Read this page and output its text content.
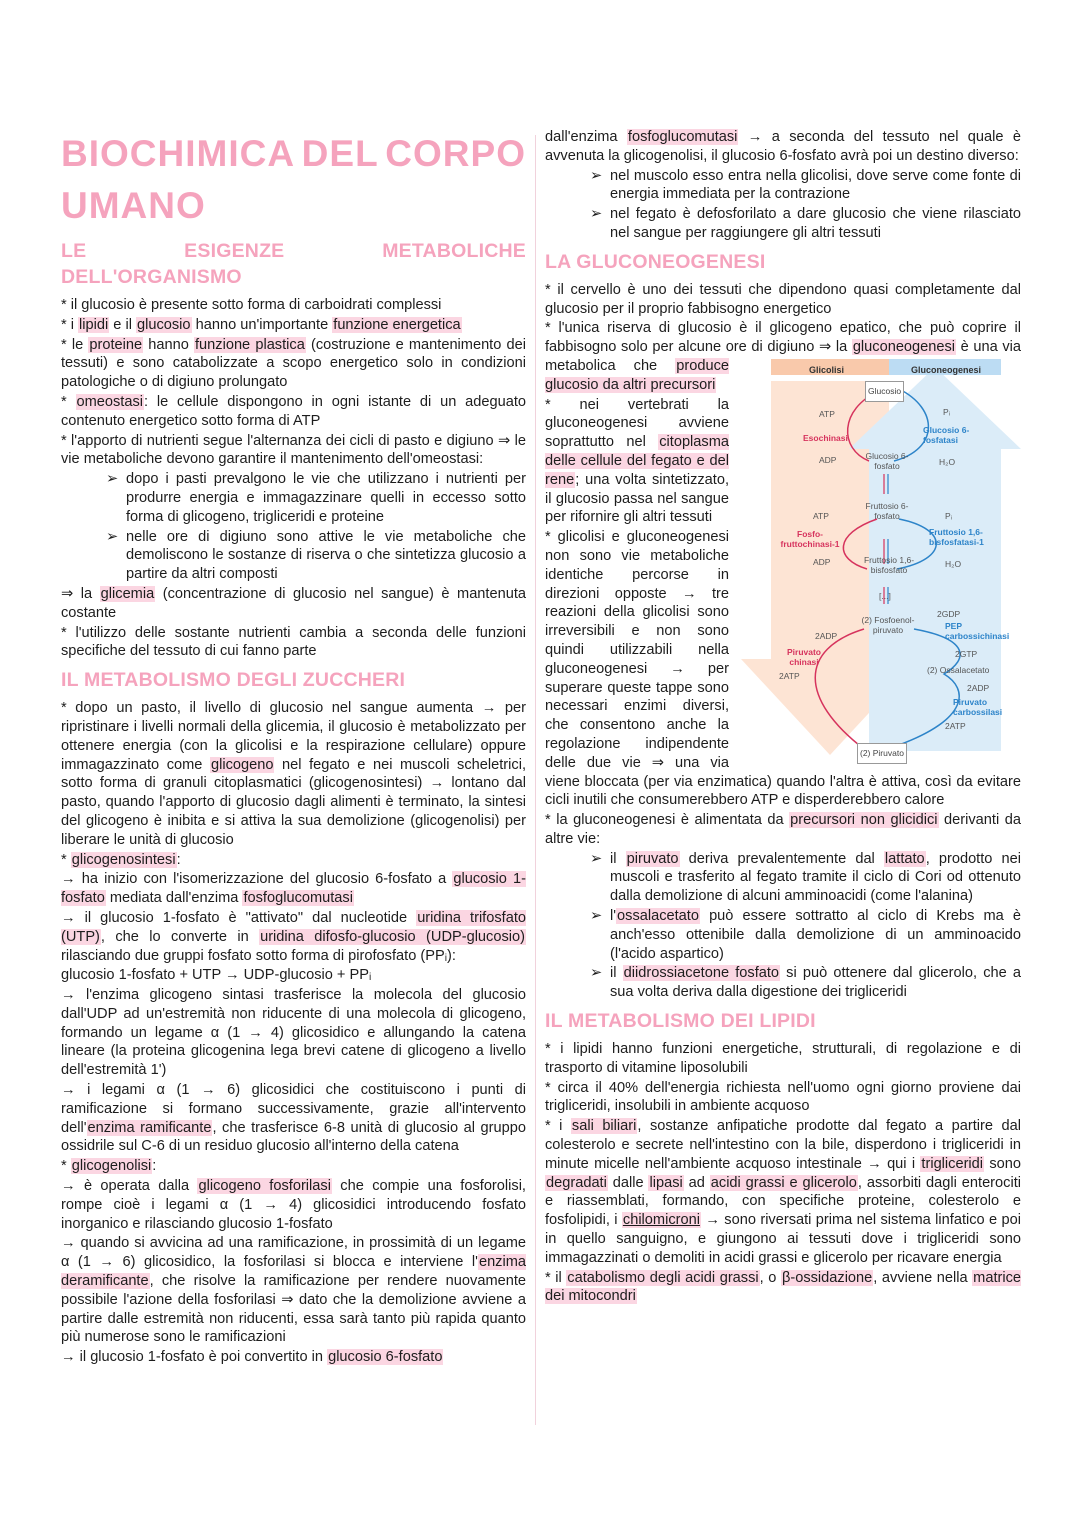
BIOCHIMICA DEL CORPO
UMANO
LE ESIGENZE METABOLICHE DELL'ORGANISMO

* il glucosio è presente sotto forma di carboidrati complessi

* i lipidi e il glucosio hanno un'importante funzione energetica

* le proteine hanno funzione plastica (costruzione e mantenimento dei tessuti) e sono catabolizzate a scopo energetico solo in condizioni patologiche o di digiuno prolungato

* omeostasi: le cellule dispongono in ogni istante di un adeguato contenuto energetico sotto forma di ATP

* l'apporto di nutrienti segue l'alternanza dei cicli di pasto e digiuno ⇒ le vie metaboliche devono garantire il mantenimento dell'omeostasi:

➢ dopo i pasti prevalgono le vie che utilizzano i nutrienti per produrre energia e immagazzinare quelli in eccesso sotto forma di glicogeno, trigliceridi e proteine

➢ nelle ore di digiuno sono attive le vie metaboliche che demoliscono le sostanze di riserva o che sintetizza glucosio a partire da altri composti

⇒ la glicemia (concentrazione di glucosio nel sangue) è mantenuta costante

* l'utilizzo delle sostante nutrienti cambia a seconda delle funzioni specifiche del tessuto di cui fanno parte

IL METABOLISMO DEGLI ZUCCHERI

* dopo un pasto, il livello di glucosio nel sangue aumenta → per ripristinare i livelli normali della glicemia, il glucosio è metabolizzato per ottenere energia (con la glicolisi e la respirazione cellulare) oppure immagazzinato come glicogeno nel fegato e nei muscoli scheletrici, sotto forma di granuli citoplasmatici (glicogenosintesi) → lontano dal pasto, quando l'apporto di glucosio dagli alimenti è terminato, la sintesi del glicogeno è inibita e si attiva la sua demolizione (glicogenolisi) per liberare le unità di glucosio

* glicogenosintesi:

→ ha inizio con l'isomerizzazione del glucosio 6-fosfato a glucosio 1-fosfato mediata dall'enzima fosfoglucomutasi

→ il glucosio 1-fosfato è "attivato" dal nucleotide uridina trifosfato (UTP), che lo converte in uridina difosfo-glucosio (UDP-glucosio) rilasciando due gruppi fosfato sotto forma di pirofosfato (PPᵢ):

glucosio 1-fosfato + UTP → UDP-glucosio + PPᵢ

→ l'enzima glicogeno sintasi trasferisce la molecola del glucosio dall'UDP ad un'estremità non riducente di una molecola di glicogeno, formando un legame α (1 → 4) glicosidico e allungando la catena lineare (la proteina glicogenina lega brevi catene di glicogeno a livello dell'estremità 1')

→ i legami α (1 → 6) glicosidici che costituiscono i punti di ramificazione si formano successivamente, grazie all'intervento dell'enzima ramificante, che trasferisce 6-8 unità di glucosio al gruppo ossidrile sul C-6 di un residuo glucosio all'interno della catena

* glicogenolisi:

→ è operata dalla glicogeno fosforilasi che compie una fosforolisi, rompe cioè i legami α (1 → 4) glicosidici introducendo fosfato inorganico e rilasciando glucosio 1-fosfato

→ quando si avvicina ad una ramificazione, in prossimità di un legame α (1 → 6) glicosidico, la fosforilasi si blocca e interviene l'enzima deramificante, che risolve la ramificazione per rendere nuovamente possibile l'azione della fosforilasi ⇒ dato che la demolizione avviene a partire dalle estremità non riducenti, essa sarà tanto più rapida quanto più numerose sono le ramificazioni

→ il glucosio 1-fosfato è poi convertito in glucosio 6-fosfato

dall'enzima fosfoglucomutasi → a seconda del tessuto nel quale è avvenuta la glicogenolisi, il glucosio 6-fosfato avrà poi un destino diverso:

➢ nel muscolo esso entra nella glicolisi, dove serve come fonte di energia immediata per la contrazione

➢ nel fegato è defosforilato a dare glucosio che viene rilasciato nel sangue per raggiungere gli altri tessuti

LA GLUCONEOGENESI

* il cervello è uno dei tessuti che dipendono quasi completamente dal glucosio per il proprio fabbisogno energetico

* l'unica riserva di glucosio è il glicogeno epatico, che può coprire il fabbisogno solo per alcune ore di digiuno ⇒ la gluconeogenesi è una via metabolica che	Glicolisi	Gluconeogenesi
Glucosio
ATP
Esochinasi
ADP	Glucosio 6-fosfato
Pᵢ
Glucosio 6-fosfatasi
H₂O
Fruttosio 6-fosfato
ATP
Fosfo- fruttochinasi-1
ADP	Fruttosio 1,6-bisfosfato
Pᵢ
Fruttosio 1,6-bisfosfatasi-1
H₂O
[...]
(2) Fosfoenol- piruvato
2ADP
Piruvato chinasi
2ATP
2GDP
PEP carbossichinasi
2GTP
(2) Ossalacetato
2ADP
Piruvato carbossilasi
2ATP
(2) Piruvato
produce glucosio da altri precursori

* nei vertebrati la gluconeogenesi avviene soprattutto nel citoplasma delle cellule del fegato e del rene; una volta sintetizzato, il glucosio passa nel sangue per rifornire gli altri tessuti

* glicolisi e gluconeogenesi non sono vie metaboliche identiche percorse in direzioni opposte → tre reazioni della glicolisi sono irreversibili e non sono quindi utilizzabili nella gluconeogenesi → per superare queste tappe sono necessari enzimi diversi, che consentono anche la regolazione indipendente delle due vie ⇒ una via viene bloccata (per via enzimatica) quando l'altra è attiva, così da evitare cicli inutili che consumerebbero ATP e disperderebbero calore

* la gluconeogenesi è alimentata da precursori non glicidici derivanti da altre vie:

➢ il piruvato deriva prevalentemente dal lattato, prodotto nei muscoli e trasferito al fegato tramite il ciclo di Cori od ottenuto dalla demolizione di alcuni amminoacidi (come l'alanina)

➢ l'ossalacetato può essere sottratto al ciclo di Krebs ma è anch'esso ottenibile dalla demolizione di un amminoacido (l'acido aspartico)

➢ il diidrossiacetone fosfato si può ottenere dal glicerolo, che a sua volta deriva dalla digestione dei trigliceridi

IL METABOLISMO DEI LIPIDI

* i lipidi hanno funzioni energetiche, strutturali, di regolazione e di trasporto di vitamine liposolubili

* circa il 40% dell'energia richiesta nell'uomo ogni giorno proviene dai trigliceridi, insolubili in ambiente acquoso

* i sali biliari, sostanze anfipatiche prodotte dal fegato a partire dal colesterolo e secrete nell'intestino con la bile, disperdono i trigliceridi in minute micelle nell'ambiente acquoso intestinale → qui i trigliceridi sono degradati dalle lipasi ad acidi grassi e glicerolo, assorbiti dagli enterociti e riassemblati, formando, con specifiche proteine, colesterolo e fosfolipidi, i chilomicroni → sono riversati prima nel sistema linfatico e poi in quello sanguigno, e giungono ai tessuti dove i trigliceridi sono immagazzinati o demoliti in acidi grassi e glicerolo per ricavare energia

* il catabolismo degli acidi grassi, o β-ossidazione, avviene nella matrice dei mitocondri
